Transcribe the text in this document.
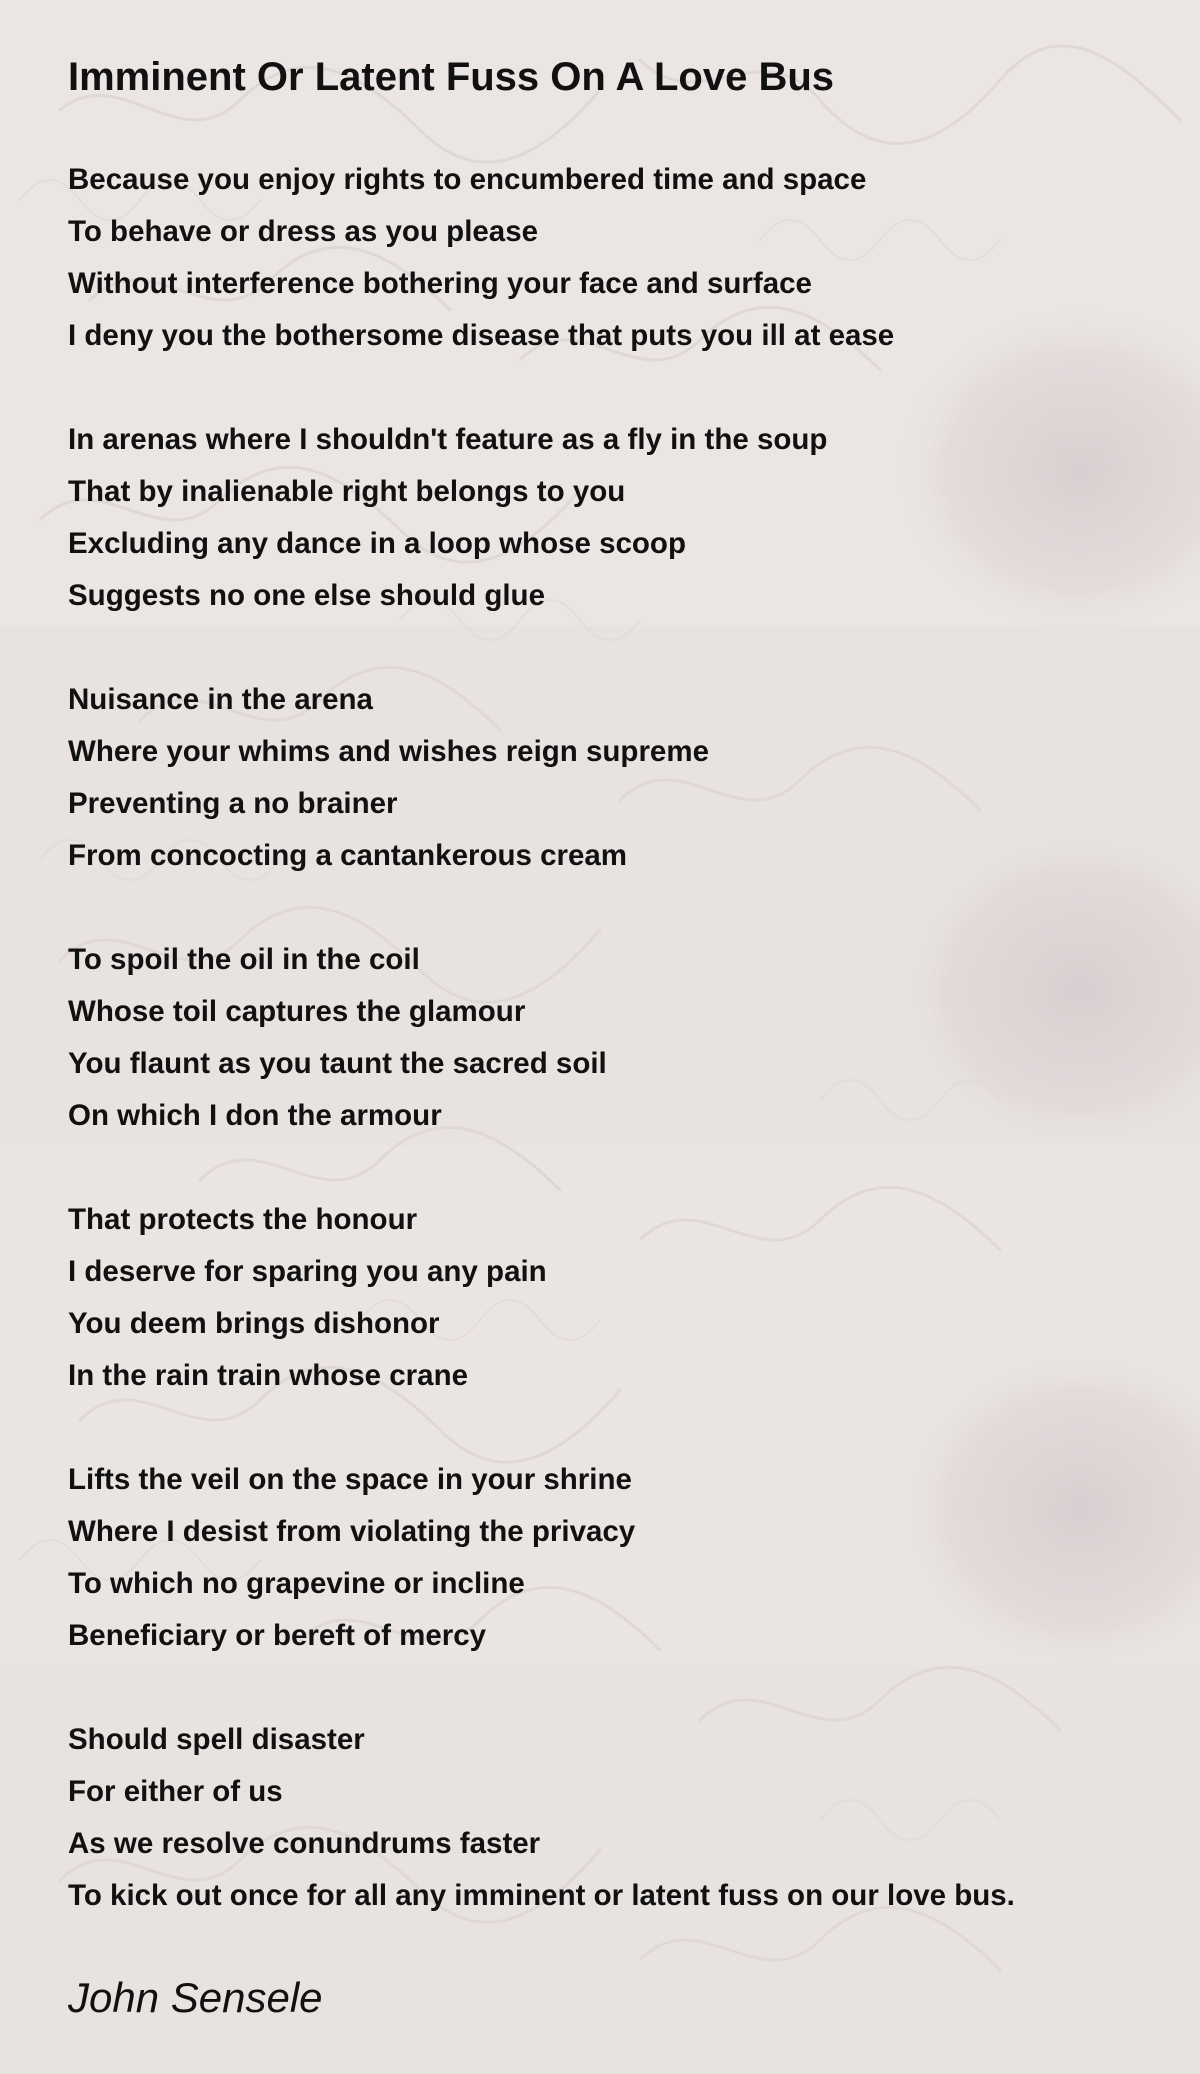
Imminent Or Latent Fuss On A Love Bus
Because you enjoy rights to encumbered time and space
To behave or dress as you please
Without interference bothering your face and surface
I deny you the bothersome disease that puts you ill at ease
In arenas where I shouldn't feature as a fly in the soup
That by inalienable right belongs to you
Excluding any dance in a loop whose scoop
Suggests no one else should glue
Nuisance in the arena
Where your whims and wishes reign supreme
Preventing a no brainer
From concocting a cantankerous cream
To spoil the oil in the coil
Whose toil captures the glamour
You flaunt as you taunt the sacred soil
On which I don the armour
That protects the honour
I deserve for sparing you any pain
You deem brings dishonor
In the rain train whose crane
Lifts the veil on the space in your shrine
Where I desist from violating the privacy
To which no grapevine or incline
Beneficiary or bereft of mercy
Should spell disaster
For either of us
As we resolve conundrums faster
To kick out once for all any imminent or latent fuss on our love bus.
John Sensele
